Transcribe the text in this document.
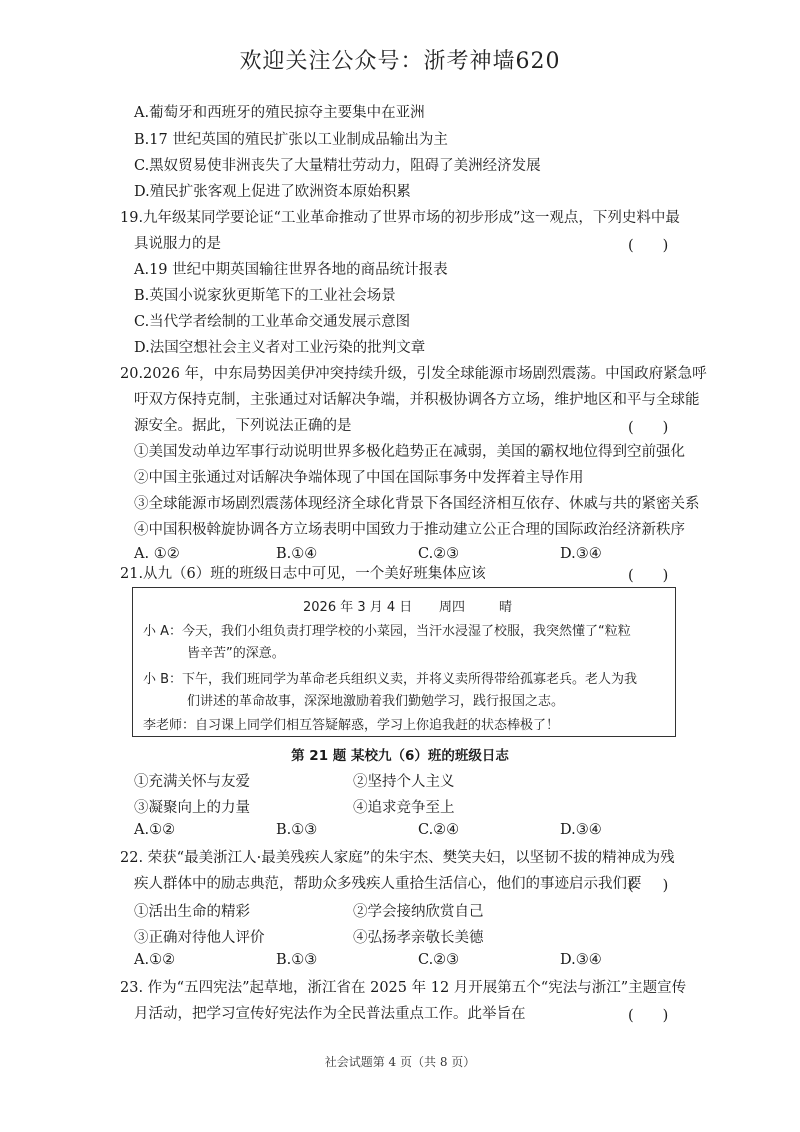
欢迎关注公众号：浙考神墙620
A.葡萄牙和西班牙的殖民掠夺主要集中在亚洲
B.17 世纪英国的殖民扩张以工业制成品输出为主
C.黑奴贸易使非洲丧失了大量精壮劳动力，阻碍了美洲经济发展
D.殖民扩张客观上促进了欧洲资本原始积累
19.九年级某同学要论证“工业革命推动了世界市场的初步形成”这一观点，下列史料中最
具说服力的是	(　　)
A.19 世纪中期英国输往世界各地的商品统计报表
B.英国小说家狄更斯笔下的工业社会场景
C.当代学者绘制的工业革命交通发展示意图
D.法国空想社会主义者对工业污染的批判文章
20.2026 年，中东局势因美伊冲突持续升级，引发全球能源市场剧烈震荡。中国政府紧急呼
吁双方保持克制，主张通过对话解决争端，并积极协调各方立场，维护地区和平与全球能
源安全。据此，下列说法正确的是	(　　)
①美国发动单边军事行动说明世界多极化趋势正在减弱，美国的霸权地位得到空前强化
②中国主张通过对话解决争端体现了中国在国际事务中发挥着主导作用
③全球能源市场剧烈震荡体现经济全球化背景下各国经济相互依存、休戚与共的紧密关系
④中国积极斡旋协调各方立场表明中国致力于推动建立公正合理的国际政治经济新秩序
A. ①②	B.①④	C.②③	D.③④
21.从九（6）班的班级日志中可见，一个美好班集体应该	(　　)
2026 年 3 月 4 日 周四	晴
小 A：今天，我们小组负责打理学校的小菜园，当汗水浸湿了校服，我突然懂了“粒粒
皆辛苦”的深意。
小 B：下午，我们班同学为革命老兵组织义卖，并将义卖所得带给孤寡老兵。老人为我
们讲述的革命故事，深深地激励着我们勤勉学习，践行报国之志。
李老师：自习课上同学们相互答疑解惑，学习上你追我赶的状态棒极了！
第 21 题 某校九（6）班的班级日志
①充满关怀与友爱	②坚持个人主义
③凝聚向上的力量	④追求竞争至上
A.①②	B.①③	C.②④	D.③④
22. 荣获“最美浙江人·最美残疾人家庭”的朱宇杰、樊笑夫妇，以坚韧不拔的精神成为残
疾人群体中的励志典范，帮助众多残疾人重拾生活信心，他们的事迹启示我们要
(　　)
①活出生命的精彩	②学会接纳欣赏自己
③正确对待他人评价	④弘扬孝亲敬长美德
A.①②	B.①③	C.②③	D.③④
23. 作为“五四宪法”起草地，浙江省在 2025 年 12 月开展第五个“宪法与浙江”主题宣传
月活动，把学习宣传好宪法作为全民普法重点工作。此举旨在	(　　)
社会试题第 4 页（共 8 页）
